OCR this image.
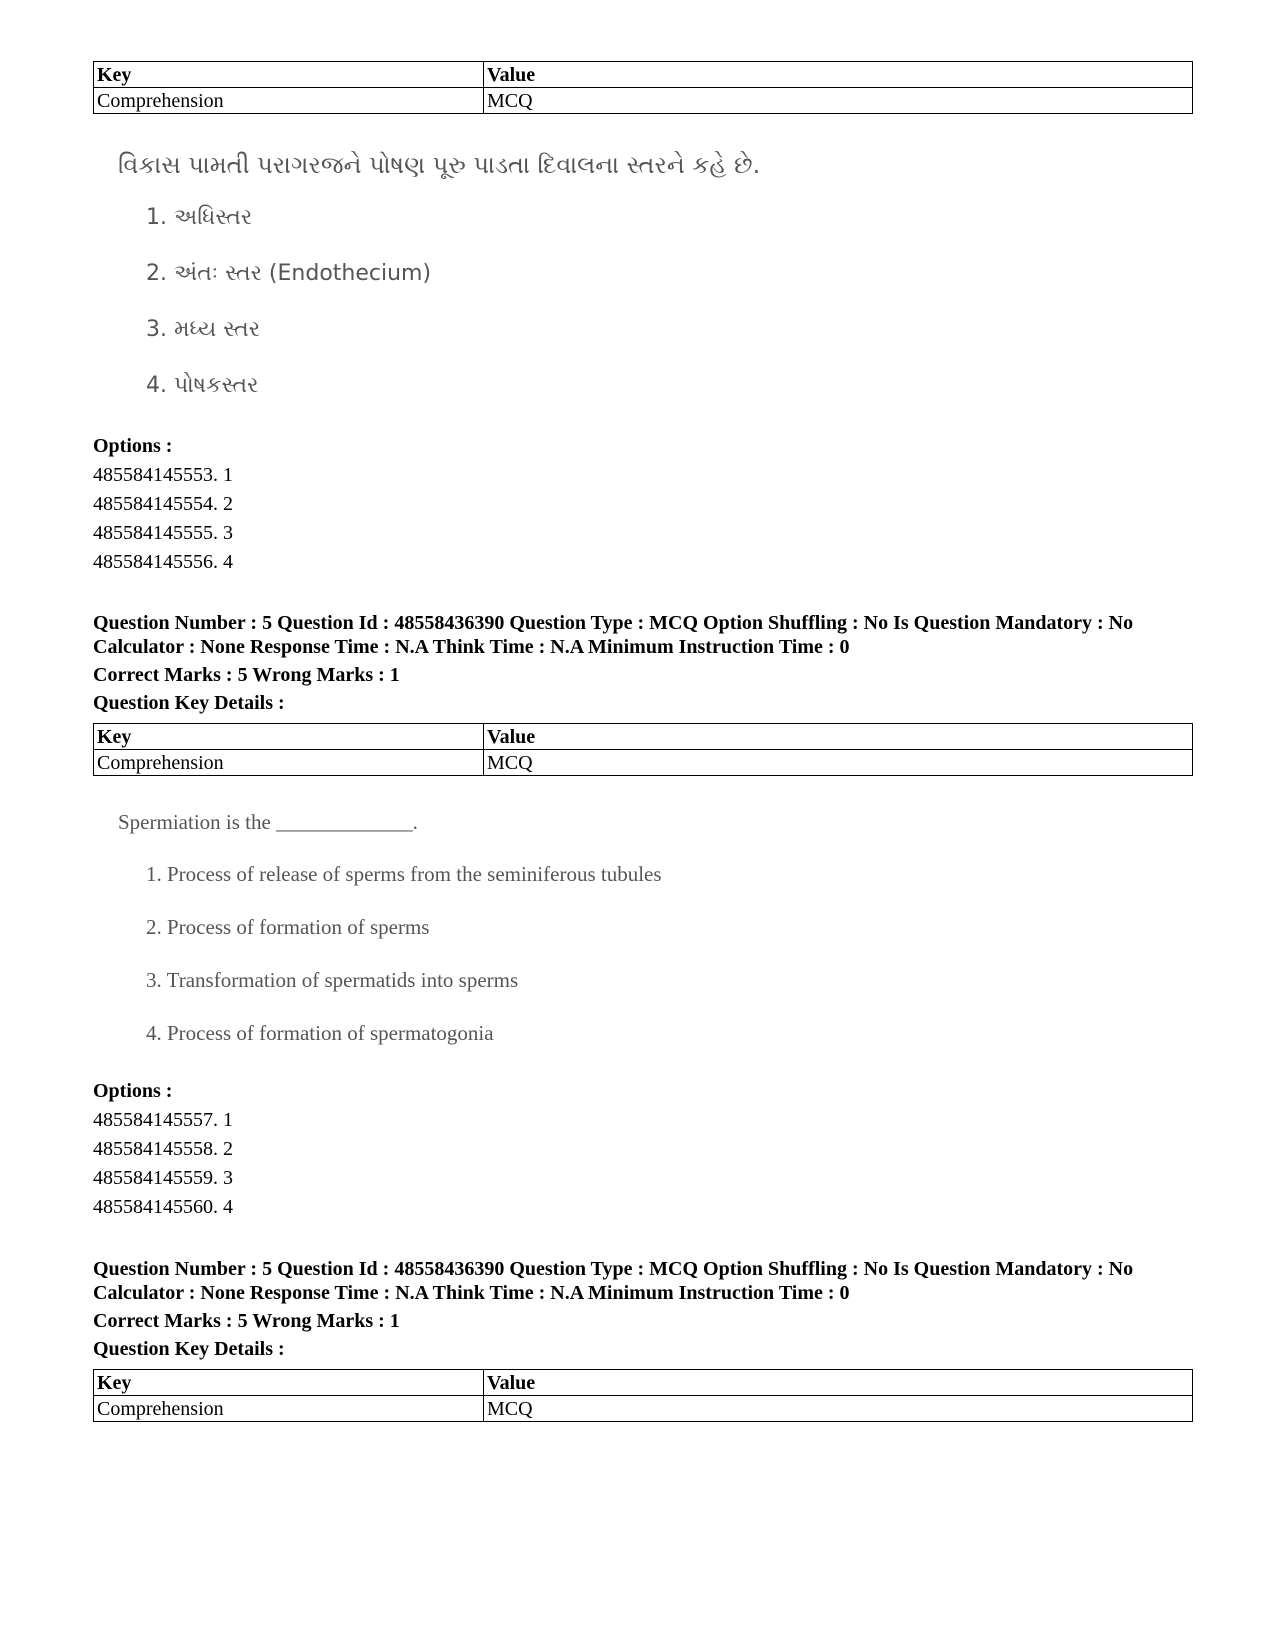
Key	Value
Comprehension	MCQ
વિકાસ પામતી પરાગરજને પોષણ પૂરુ પાડતા દિવાલના સ્તરને કહે છે.
1. અધિસ્તર
2. અંતઃ સ્તર (Endothecium)
3. મધ્ય સ્તર
4. પોષકસ્તર
Options :
485584145553. 1
485584145554. 2
485584145555. 3
485584145556. 4
Question Number : 5 Question Id : 48558436390 Question Type : MCQ Option Shuffling : No Is Question Mandatory : No
Calculator : None Response Time : N.A Think Time : N.A Minimum Instruction Time : 0
Correct Marks : 5 Wrong Marks : 1
Question Key Details :
Key	Value
Comprehension	MCQ
Spermiation is the _____________.
1. Process of release of sperms from the seminiferous tubules
2. Process of formation of sperms
3. Transformation of spermatids into sperms
4. Process of formation of spermatogonia
Options :
485584145557. 1
485584145558. 2
485584145559. 3
485584145560. 4
Question Number : 5 Question Id : 48558436390 Question Type : MCQ Option Shuffling : No Is Question Mandatory : No
Calculator : None Response Time : N.A Think Time : N.A Minimum Instruction Time : 0
Correct Marks : 5 Wrong Marks : 1
Question Key Details :
Key	Value
Comprehension	MCQ
